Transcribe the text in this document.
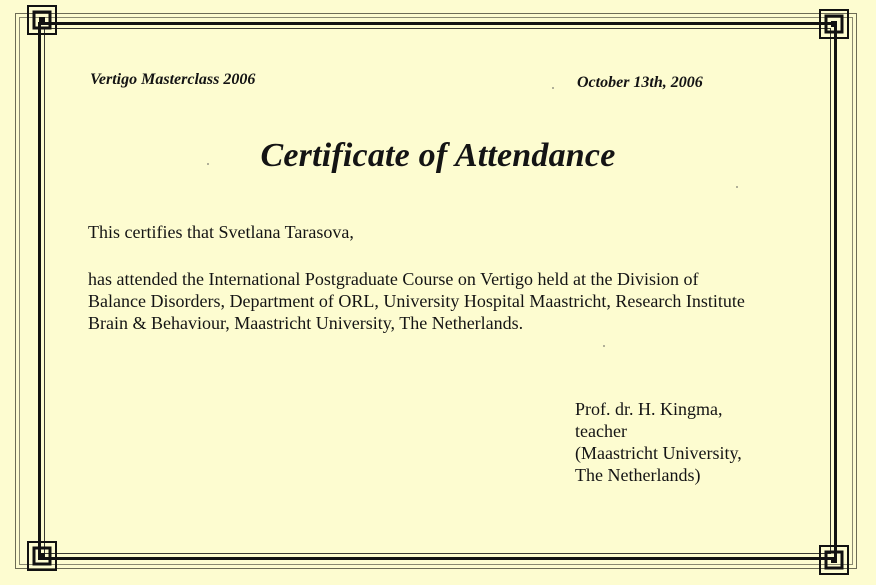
Vertigo Masterclass 2006	October 13th, 2006
Certificate of Attendance
This certifies that Svetlana Tarasova,
has attended the International Postgraduate Course on Vertigo held at the Division of
Balance Disorders, Department of ORL, University Hospital Maastricht, Research Institute
Brain & Behaviour, Maastricht University, The Netherlands.
Prof. dr. H. Kingma,
teacher
(Maastricht University,
The Netherlands)
